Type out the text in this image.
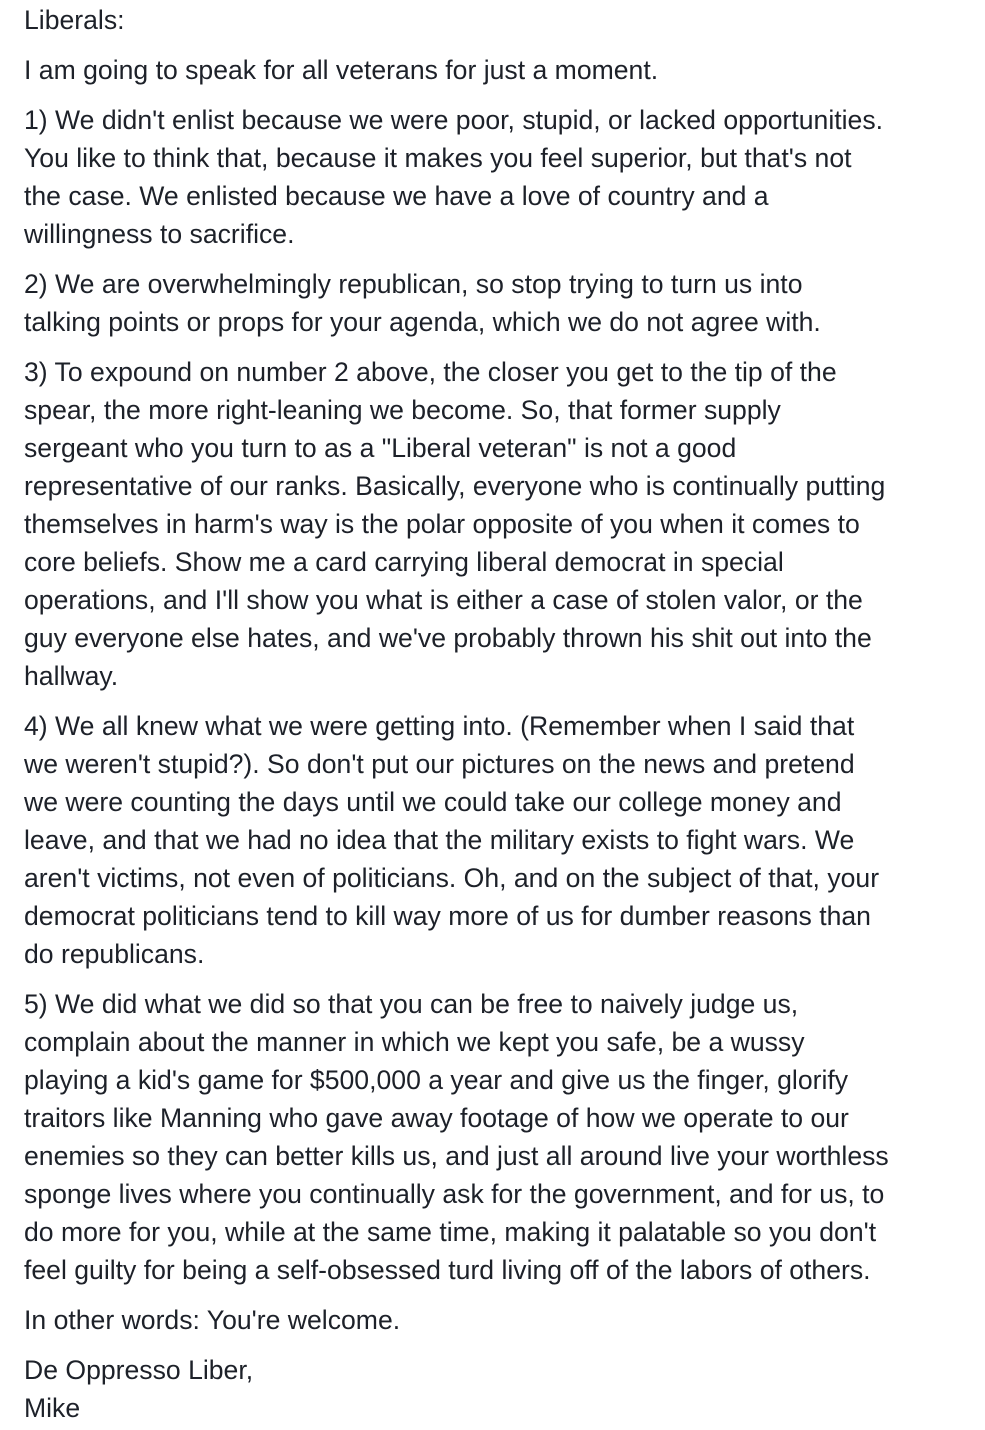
Liberals:

I am going to speak for all veterans for just a moment.

1) We didn't enlist because we were poor, stupid, or lacked opportunities.
You like to think that, because it makes you feel superior, but that's not
the case. We enlisted because we have a love of country and a
willingness to sacrifice.

2) We are overwhelmingly republican, so stop trying to turn us into
talking points or props for your agenda, which we do not agree with.

3) To expound on number 2 above, the closer you get to the tip of the
spear, the more right-leaning we become. So, that former supply
sergeant who you turn to as a "Liberal veteran" is not a good
representative of our ranks. Basically, everyone who is continually putting
themselves in harm's way is the polar opposite of you when it comes to
core beliefs. Show me a card carrying liberal democrat in special
operations, and I'll show you what is either a case of stolen valor, or the
guy everyone else hates, and we've probably thrown his shit out into the
hallway.

4) We all knew what we were getting into. (Remember when I said that
we weren't stupid?). So don't put our pictures on the news and pretend
we were counting the days until we could take our college money and
leave, and that we had no idea that the military exists to fight wars. We
aren't victims, not even of politicians. Oh, and on the subject of that, your
democrat politicians tend to kill way more of us for dumber reasons than
do republicans.

5) We did what we did so that you can be free to naively judge us,
complain about the manner in which we kept you safe, be a wussy
playing a kid's game for $500,000 a year and give us the finger, glorify
traitors like Manning who gave away footage of how we operate to our
enemies so they can better kills us, and just all around live your worthless
sponge lives where you continually ask for the government, and for us, to
do more for you, while at the same time, making it palatable so you don't
feel guilty for being a self-obsessed turd living off of the labors of others.

In other words: You're welcome.

De Oppresso Liber,
Mike
